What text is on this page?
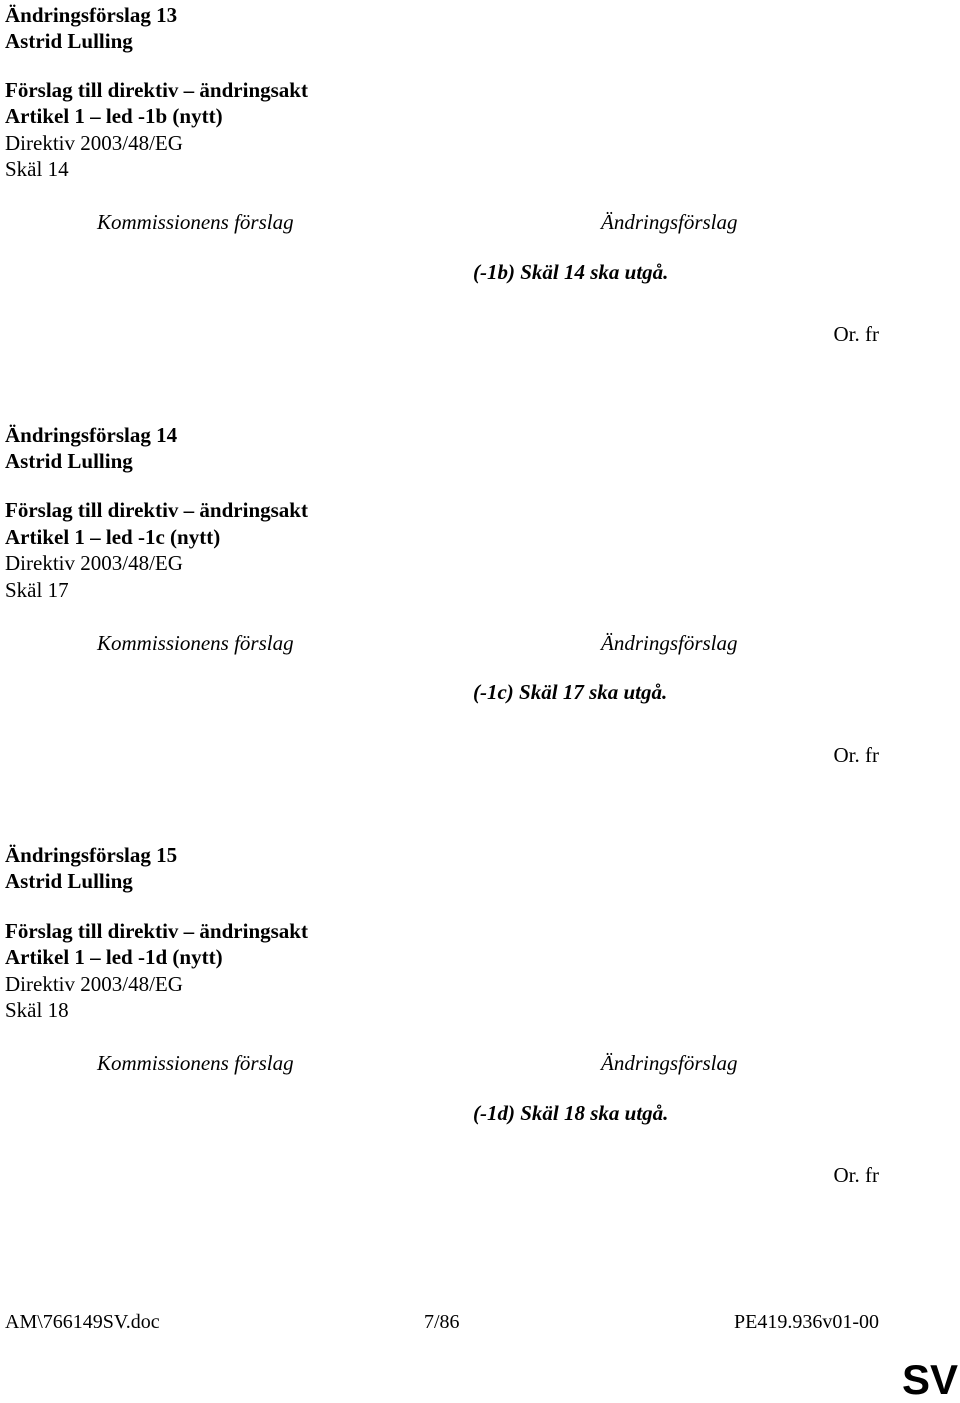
Ändringsförslag 13

Astrid Lulling

Förslag till direktiv – ändringsakt

Artikel 1 – led -1b (nytt)

Direktiv 2003/48/EG

Skäl 14

Kommissionens förslag	Ändringsförslag

(-1b) Skäl 14 ska utgå.

Or. fr

Ändringsförslag 14

Astrid Lulling

Förslag till direktiv – ändringsakt

Artikel 1 – led -1c (nytt)

Direktiv 2003/48/EG

Skäl 17

Kommissionens förslag	Ändringsförslag

(-1c) Skäl 17 ska utgå.

Or. fr

Ändringsförslag 15

Astrid Lulling

Förslag till direktiv – ändringsakt

Artikel 1 – led -1d (nytt)

Direktiv 2003/48/EG

Skäl 18

Kommissionens förslag	Ändringsförslag

(-1d) Skäl 18 ska utgå.

Or. fr

AM\766149SV.doc	7/86	PE419.936v01-00
SV
